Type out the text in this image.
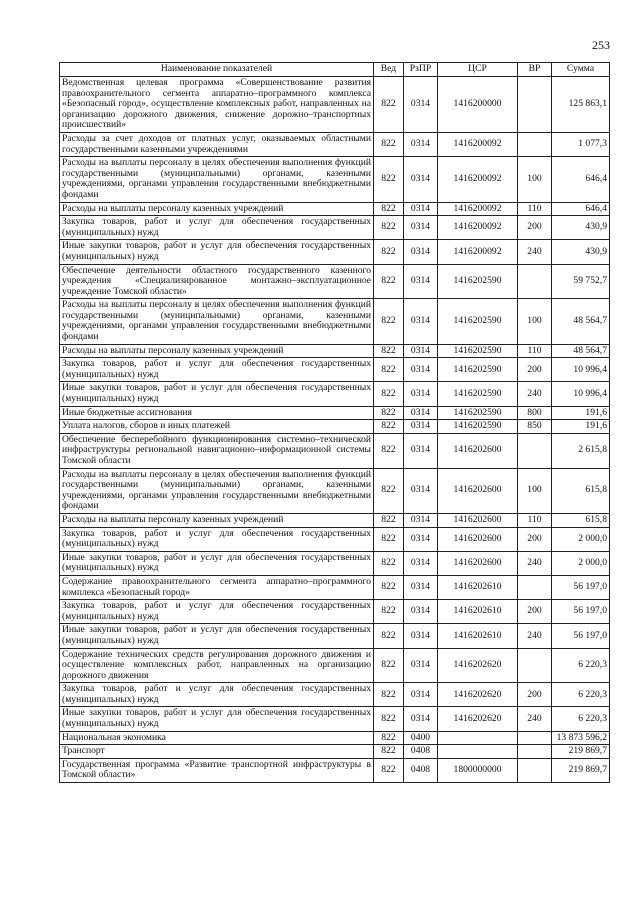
253
Наименование показателей	Вед	РзПР	ЦСР	ВР	Сумма
Ведомственная целевая программа «Совершенствование развития правоохранительного сегмента аппаратно–программного комплекса «Безопасный город», осуществление комплексных работ, направленных на организацию дорожного движения, снижение дорожно–транспортных происшествий»	822	0314	1416200000		125 863,1
Расходы за счет доходов от платных услуг, оказываемых областными государственными казенными учреждениями	822	0314	1416200092		1 077,3
Расходы на выплаты персоналу в целях обеспечения выполнения функций государственными (муниципальными) органами, казенными учреждениями, органами управления государственными внебюджетными фондами	822	0314	1416200092	100	646,4
Расходы на выплаты персоналу казенных учреждений	822	0314	1416200092	110	646,4
Закупка товаров, работ и услуг для обеспечения государственных (муниципальных) нужд	822	0314	1416200092	200	430,9
Иные закупки товаров, работ и услуг для обеспечения государственных (муниципальных) нужд	822	0314	1416200092	240	430,9
Обеспечение деятельности областного государственного казенного учреждения «Специализированное монтажно–эксплуатационное учреждение Томской области»	822	0314	1416202590		59 752,7
Расходы на выплаты персоналу в целях обеспечения выполнения функций государственными (муниципальными) органами, казенными учреждениями, органами управления государственными внебюджетными фондами	822	0314	1416202590	100	48 564,7
Расходы на выплаты персоналу казенных учреждений	822	0314	1416202590	110	48 564,7
Закупка товаров, работ и услуг для обеспечения государственных (муниципальных) нужд	822	0314	1416202590	200	10 996,4
Иные закупки товаров, работ и услуг для обеспечения государственных (муниципальных) нужд	822	0314	1416202590	240	10 996,4
Иные бюджетные ассигнования	822	0314	1416202590	800	191,6
Уплата налогов, сборов и иных платежей	822	0314	1416202590	850	191,6
Обеспечение бесперебойного функционирования системно–технической инфраструктуры региональной навигационно–информационной системы Томской области	822	0314	1416202600		2 615,8
Расходы на выплаты персоналу в целях обеспечения выполнения функций государственными (муниципальными) органами, казенными учреждениями, органами управления государственными внебюджетными фондами	822	0314	1416202600	100	615,8
Расходы на выплаты персоналу казенных учреждений	822	0314	1416202600	110	615,8
Закупка товаров, работ и услуг для обеспечения государственных (муниципальных) нужд	822	0314	1416202600	200	2 000,0
Иные закупки товаров, работ и услуг для обеспечения государственных (муниципальных) нужд	822	0314	1416202600	240	2 000,0
Содержание правоохранительного сегмента аппаратно–программного комплекса «Безопасный город»	822	0314	1416202610		56 197,0
Закупка товаров, работ и услуг для обеспечения государственных (муниципальных) нужд	822	0314	1416202610	200	56 197,0
Иные закупки товаров, работ и услуг для обеспечения государственных (муниципальных) нужд	822	0314	1416202610	240	56 197,0
Содержание технических средств регулирования дорожного движения и осуществление комплексных работ, направленных на организацию дорожного движения	822	0314	1416202620		6 220,3
Закупка товаров, работ и услуг для обеспечения государственных (муниципальных) нужд	822	0314	1416202620	200	6 220,3
Иные закупки товаров, работ и услуг для обеспечения государственных (муниципальных) нужд	822	0314	1416202620	240	6 220,3
Национальная экономика	822	0400			13 873 596,2
Транспорт	822	0408			219 869,7
Государственная программа «Развитие транспортной инфраструктуры в Томской области»	822	0408	1800000000		219 869,7
